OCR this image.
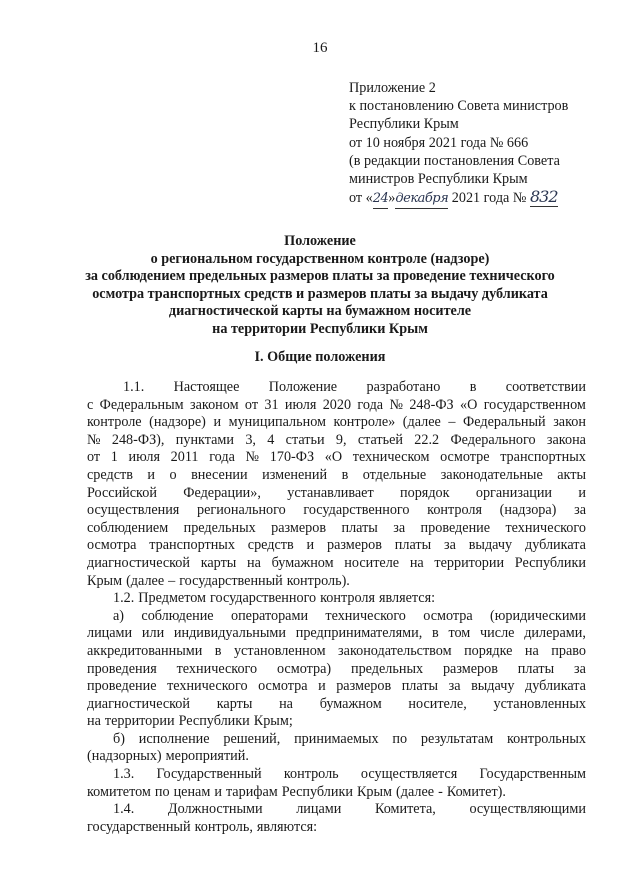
16
Приложение 2
к постановлению Совета министров
Республики Крым
от 10 ноября 2021 года № 666
(в редакции постановления Совета
министров Республики Крым
от «24»декабря 2021 года № 832
Положение
о региональном государственном контроле (надзоре)
за соблюдением предельных размеров платы за проведение технического
осмотра транспортных средств и размеров платы за выдачу дубликата
диагностической карты на бумажном носителе
на территории Республики Крым
I. Общие положения
1.1. Настоящее Положение разработано в соответствии
с Федеральным законом от 31 июля 2020 года № 248-ФЗ «О государственном
контроле (надзоре) и муниципальном контроле» (далее – Федеральный закон
№ 248-ФЗ), пунктами 3, 4 статьи 9, статьей 22.2 Федерального закона
от 1 июля 2011 года № 170-ФЗ «О техническом осмотре транспортных
средств и о внесении изменений в отдельные законодательные акты
Российской Федерации», устанавливает порядок организации и
осуществления регионального государственного контроля (надзора) за
соблюдением предельных размеров платы за проведение технического
осмотра транспортных средств и размеров платы за выдачу дубликата
диагностической карты на бумажном носителе на территории Республики
Крым (далее – государственный контроль).
1.2. Предметом государственного контроля является:
а) соблюдение операторами технического осмотра (юридическими
лицами или индивидуальными предпринимателями, в том числе дилерами,
аккредитованными в установленном законодательством порядке на право
проведения технического осмотра) предельных размеров платы за
проведение технического осмотра и размеров платы за выдачу дубликата
диагностической карты на бумажном носителе, установленных
на территории Республики Крым;
б) исполнение решений, принимаемых по результатам контрольных
(надзорных) мероприятий.
1.3. Государственный контроль осуществляется Государственным
комитетом по ценам и тарифам Республики Крым (далее - Комитет).
1.4. Должностными лицами Комитета, осуществляющими
государственный контроль, являются:
